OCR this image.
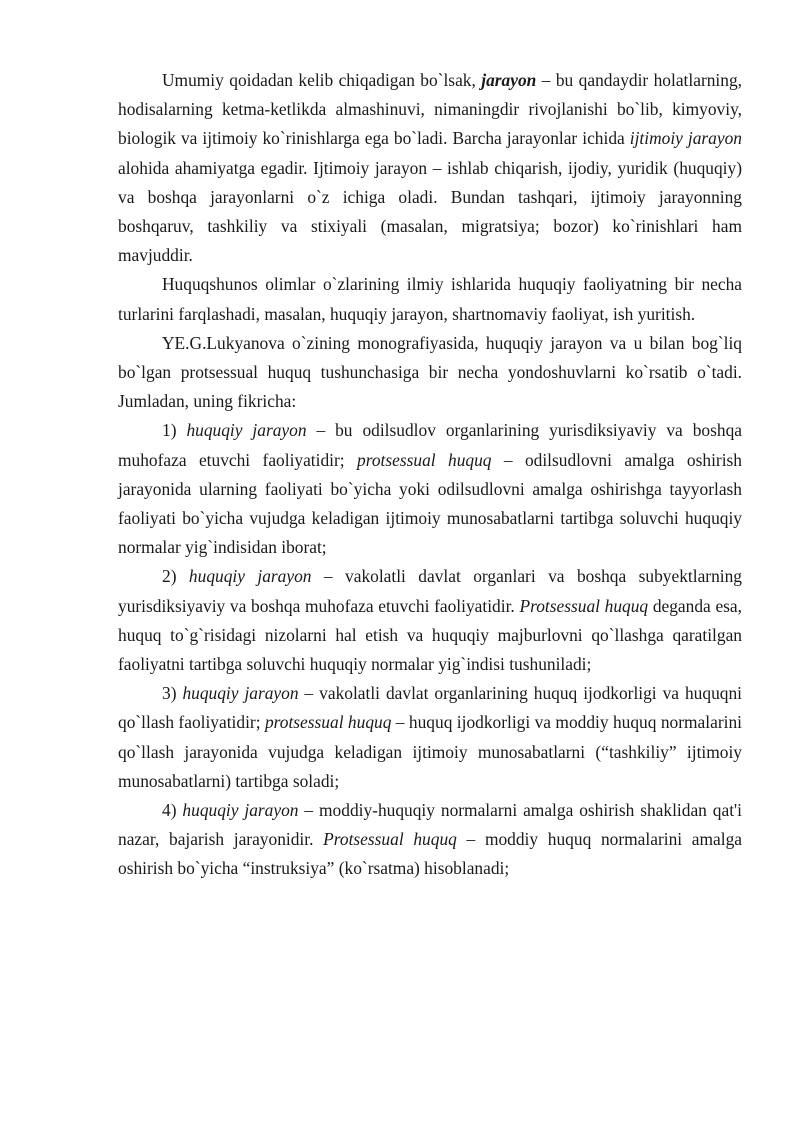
Umumiy qoidadan kelib chiqadigan bo`lsak, jarayon – bu qandaydir holatlarning, hodisalarning ketma-ketlikda almashinuvi, nimaningdir rivojlanishi bo`lib, kimyoviy, biologik va ijtimoiy ko`rinishlarga ega bo`ladi. Barcha jarayonlar ichida ijtimoiy jarayon alohida ahamiyatga egadir. Ijtimoiy jarayon – ishlab chiqarish, ijodiy, yuridik (huquqiy) va boshqa jarayonlarni o`z ichiga oladi. Bundan tashqari, ijtimoiy jarayonning boshqaruv, tashkiliy va stixiyali (masalan, migratsiya; bozor) ko`rinishlari ham mavjuddir.

Huquqshunos olimlar o`zlarining ilmiy ishlarida huquqiy faoliyatning bir necha turlarini farqlashadi, masalan, huquqiy jarayon, shartnomaviy faoliyat, ish yuritish.

YE.G.Lukyanova o`zining monografiyasida, huquqiy jarayon va u bilan bog`liq bo`lgan protsessual huquq tushunchasiga bir necha yondoshuvlarni ko`rsatib o`tadi. Jumladan, uning fikricha:

1) huquqiy jarayon – bu odilsudlov organlarining yurisdiksiyaviy va boshqa muhofaza etuvchi faoliyatidir; protsessual huquq – odilsudlovni amalga oshirish jarayonida ularning faoliyati bo`yicha yoki odilsudlovni amalga oshirishga tayyorlash faoliyati bo`yicha vujudga keladigan ijtimoiy munosabatlarni tartibga soluvchi huquqiy normalar yig`indisidan iborat;

2) huquqiy jarayon – vakolatli davlat organlari va boshqa subyektlarning yurisdiksiyaviy va boshqa muhofaza etuvchi faoliyatidir. Protsessual huquq deganda esa, huquq to`g`risidagi nizolarni hal etish va huquqiy majburlovni qo`llashga qaratilgan faoliyatni tartibga soluvchi huquqiy normalar yig`indisi tushuniladi;

3) huquqiy jarayon – vakolatli davlat organlarining huquq ijodkorligi va huquqni qo`llash faoliyatidir; protsessual huquq – huquq ijodkorligi va moddiy huquq normalarini qo`llash jarayonida vujudga keladigan ijtimoiy munosabatlarni (“tashkiliy” ijtimoiy munosabatlarni) tartibga soladi;

4) huquqiy jarayon – moddiy-huquqiy normalarni amalga oshirish shaklidan qat'i nazar, bajarish jarayonidir. Protsessual huquq – moddiy huquq normalarini amalga oshirish bo`yicha “instruksiya” (ko`rsatma) hisoblanadi;
